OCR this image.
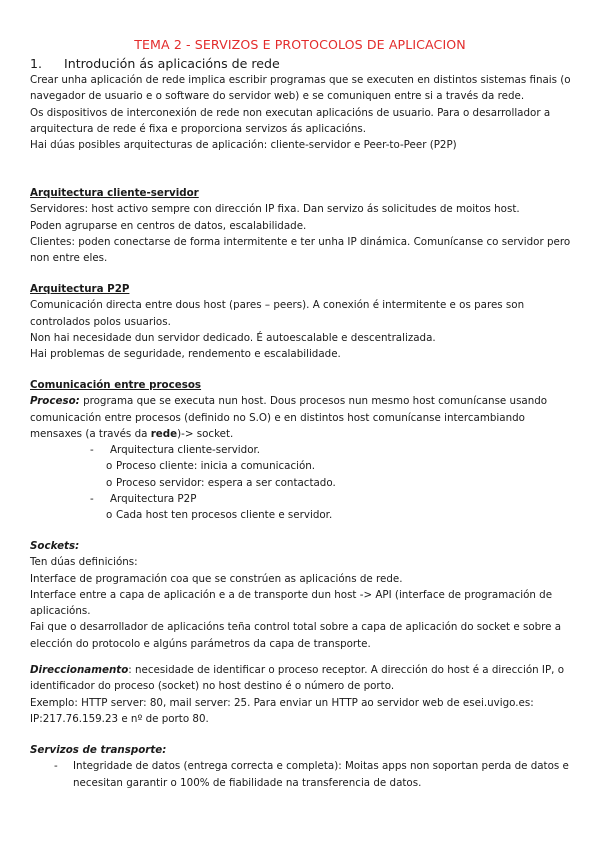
TEMA 2 - SERVIZOS E PROTOCOLOS DE APLICACION
1. Introdución ás aplicacións de rede

Crear unha aplicación de rede implica escribir programas que se executen en distintos sistemas finais (o navegador de usuario e o software do servidor web) e se comuniquen entre si a través da rede.

Os dispositivos de interconexión de rede non executan aplicacións de usuario. Para o desarrollador a arquitectura de rede é fixa e proporciona servizos ás aplicacións.

Hai dúas posibles arquitecturas de aplicación: cliente-servidor e Peer-to-Peer (P2P)

Arquitectura cliente-servidor

Servidores: host activo sempre con dirección IP fixa. Dan servizo ás solicitudes de moitos host.

Poden agruparse en centros de datos, escalabilidade.

Clientes: poden conectarse de forma intermitente e ter unha IP dinámica. Comunícanse co servidor pero non entre eles.

Arquitectura P2P

Comunicación directa entre dous host (pares – peers). A conexión é intermitente e os pares son controlados polos usuarios.

Non hai necesidade dun servidor dedicado. É autoescalable e descentralizada.

Hai problemas de seguridade, rendemento e escalabilidade.

Comunicación entre procesos

Proceso: programa que se executa nun host. Dous procesos nun mesmo host comunícanse usando comunicación entre procesos (definido no S.O) e en distintos host comunícanse intercambiando mensaxes (a través da rede)-> socket.

- Arquitectura cliente-servidor.
o Proceso cliente: inicia a comunicación.
o Proceso servidor: espera a ser contactado.
- Arquitectura P2P
o Cada host ten procesos cliente e servidor.

Sockets:

Ten dúas definicións:

Interface de programación coa que se constrúen as aplicacións de rede.

Interface entre a capa de aplicación e a de transporte dun host -> API (interface de programación de aplicacións.

Fai que o desarrollador de aplicacións teña control total sobre a capa de aplicación do socket e sobre a elección do protocolo e algúns parámetros da capa de transporte.

Direccionamento: necesidade de identificar o proceso receptor. A dirección do host é a dirección IP, o identificador do proceso (socket) no host destino é o número de porto.

Exemplo: HTTP server: 80, mail server: 25. Para enviar un HTTP ao servidor web de esei.uvigo.es: IP:217.76.159.23 e nº de porto 80.

Servizos de transporte:

- Integridade de datos (entrega correcta e completa): Moitas apps non soportan perda de datos e necesitan garantir o 100% de fiabilidade na transferencia de datos.
